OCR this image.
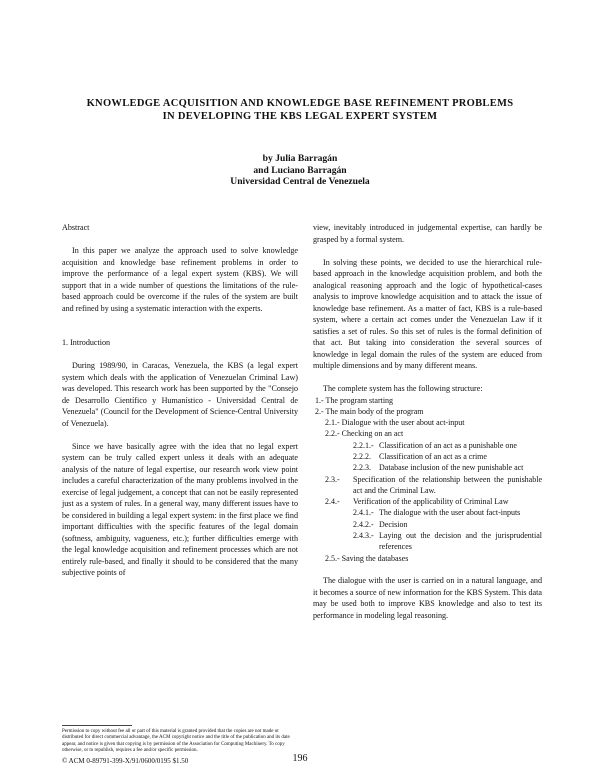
KNOWLEDGE ACQUISITION AND KNOWLEDGE BASE REFINEMENT PROBLEMS
IN DEVELOPING THE KBS LEGAL EXPERT SYSTEM
by Julia Barragán
and Luciano Barragán
Universidad Central de Venezuela
Abstract

In this paper we analyze the approach used to solve knowledge acquisition and knowledge base refinement problems in order to improve the performance of a legal expert system (KBS). We will support that in a wide number of questions the limitations of the rule-based approach could be overcome if the rules of the system are built and refined by using a systematic interaction with the experts.

1. Introduction

During 1989/90, in Caracas, Venezuela, the KBS (a legal expert system which deals with the application of Venezuelan Criminal Law) was developed. This research work has been supported by the "Consejo de Desarrollo Científico y Humanístico - Universidad Central de Venezuela" (Council for the Development of Science-Central University of Venezuela).

Since we have basically agree with the idea that no legal expert system can be truly called expert unless it deals with an adequate analysis of the nature of legal expertise, our research work view point includes a careful characterization of the many problems involved in the exercise of legal judgement, a concept that can not be easily represented just as a system of rules. In a general way, many different issues have to be considered in building a legal expert system: in the first place we find important difficulties with the specific features of the legal domain (softness, ambiguity, vagueness, etc.); further difficulties emerge with the legal knowledge acquisition and refinement processes which are not entirely rule-based, and finally it should to be considered that the many subjective points of

Permission to copy without fee all or part of this material is granted provided that the copies are not made or distributed for direct commercial advantage, the ACM copyright notice and the title of the publication and its date appear, and notice is given that copying is by permission of the Association for Computing Machinery. To copy otherwise, or to republish, requires a fee and/or specific permission.
© ACM 0-89791-399-X/91/0600/0195 $1.50

view, inevitably introduced in judgemental expertise, can hardly be grasped by a formal system.

In solving these points, we decided to use the hierarchical rule-based approach in the knowledge acquisition problem, and both the analogical reasoning approach and the logic of hypothetical-cases analysis to improve knowledge acquisition and to attack the issue of knowledge base refinement. As a matter of fact, KBS is a rule-based system, where a certain act comes under the Venezuelan Law if it satisfies a set of rules. So this set of rules is the formal definition of that act. But taking into consideration the several sources of knowledge in legal domain the rules of the system are educed from multiple dimensions and by many different means.

The complete system has the following structure:

1.- The program starting
2.- The main body of the program
2.1.- Dialogue with the user about act-input
2.2.- Checking on an act
2.2.1.- Classification of an act as a punishable one
2.2.2.	Classification of an act as a crime
2.2.3.	Database inclusion of the new punishable act
2.3.-	Specification of the relationship between the punishable act and the Criminal Law.
2.4.-	Verification of the applicability of Criminal Law
2.4.1.- The dialogue with the user about fact-inputs
2.4.2.- Decision
2.4.3.- Laying out the decision and the jurisprudential references
2.5.- Saving the databases

The dialogue with the user is carried on in a natural language, and it becomes a source of new information for the KBS System. This data may be used both to improve KBS knowledge and also to test its performance in modeling legal reasoning.

196
